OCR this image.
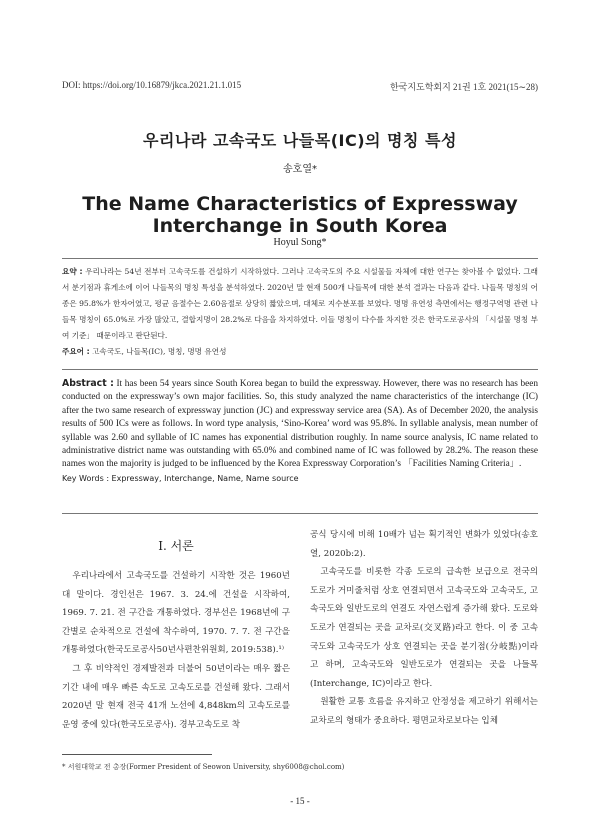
DOI: https://doi.org/10.16879/jkca.2021.21.1.015	한국지도학회지 21권 1호 2021(15∼28)
우리나라 고속국도 나들목(IC)의 명칭 특성
송호열*
The Name Characteristics of Expressway
Interchange in South Korea
Hoyul Song*
요약 : 우리나라는 54년 전부터 고속국도를 건설하기 시작하였다. 그러나 고속국도의 주요 시설물들 자체에 대한 연구는 찾아볼 수 없었다. 그래서 분기점과 휴게소에 이어 나들목의 명칭 특성을 분석하였다. 2020년 말 현재 500개 나들목에 대한 분석 결과는 다음과 같다. 나들목 명칭의 어종은 95.8%가 한자어였고, 평균 음절수는 2.60음절로 상당히 짧았으며, 대체로 지수분포를 보였다. 명명 유연성 측면에서는 행정구역명 관련 나들목 명칭이 65.0%로 가장 많았고, 결합지명이 28.2%로 다음을 차지하였다. 이들 명칭이 다수를 차지한 것은 한국도로공사의 「시설물 명칭 부여 기준」 때문이라고 판단된다.
주요어 : 고속국도, 나들목(IC), 명칭, 명명 유연성
Abstract : It has been 54 years since South Korea began to build the expressway. However, there was no research has been conducted on the expressway’s own major facilities. So, this study analyzed the name characteristics of the interchange (IC) after the two same research of expressway junction (JC) and expressway service area (SA). As of December 2020, the analysis results of 500 ICs were as follows. In word type analysis, ‘Sino-Korea’ word was 95.8%. In syllable analysis, mean number of syllable was 2.60 and syllable of IC names has exponential distribution roughly. In name source analysis, IC name related to administrative district name was outstanding with 65.0% and combined name of IC was followed by 28.2%. The reason these names won the majority is judged to be influenced by the Korea Expressway Corporation’s 「Facilities Naming Criteria」.
Key Words : Expressway, Interchange, Name, Name source
Ⅰ. 서론

우리나라에서 고속국도를 건설하기 시작한 것은 1960년대 말이다. 경인선은 1967. 3. 24.에 건설을 시작하여, 1969. 7. 21. 전 구간을 개통하였다. 경부선은 1968년에 구간별로 순차적으로 건설에 착수하여, 1970. 7. 7. 전 구간을 개통하였다(한국도로공사50년사편찬위원회, 2019:538).¹⁾

그 후 비약적인 경제발전과 더불어 50년이라는 매우 짧은 기간 내에 매우 빠른 속도로 고속도로를 건설해 왔다. 그래서 2020년 말 현재 전국 41개 노선에 4,848km의 고속도로를 운영 중에 있다(한국도로공사). 경부고속도로 착

공식 당시에 비해 10배가 넘는 획기적인 변화가 있었다(송호열, 2020b:2).

고속국도를 비롯한 각종 도로의 급속한 보급으로 전국의 도로가 거미줄처럼 상호 연결되면서 고속국도와 고속국도, 고속국도와 일반도로의 연결도 자연스럽게 증가해 왔다. 도로와 도로가 연결되는 곳을 교차로(交叉路)라고 한다. 이 중 고속국도와 고속국도가 상호 연결되는 곳을 분기점(分岐點)이라고 하며, 고속국도와 일반도로가 연결되는 곳을 나들목(Interchange, IC)이라고 한다.

원활한 교통 흐름을 유지하고 안정성을 제고하기 위해서는 교차로의 형태가 중요하다. 평면교차로보다는 입체

* 서원대학교 전 총장(Former President of Seowon University, shy6008@chol.com)
- 15 -
